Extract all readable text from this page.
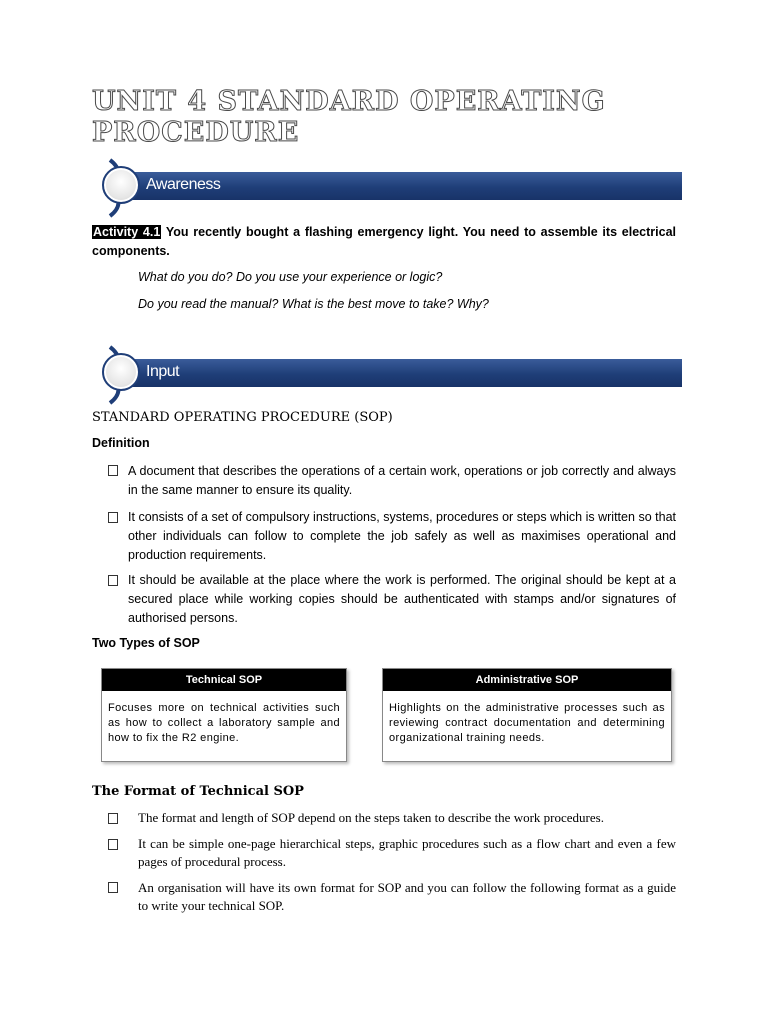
UNIT 4 STANDARD OPERATING PROCEDURE
Awareness
Activity 4.1 You recently bought a flashing emergency light. You need to assemble its electrical components.
What do you do? Do you use your experience or logic?
Do you read the manual? What is the best move to take? Why?
Input
STANDARD OPERATING PROCEDURE (SOP)
Definition
A document that describes the operations of a certain work, operations or job correctly and always in the same manner to ensure its quality.
It consists of a set of compulsory instructions, systems, procedures or steps which is written so that other individuals can follow to complete the job safely as well as maximises operational and production requirements.
It should be available at the place where the work is performed. The original should be kept at a secured place while working copies should be authenticated with stamps and/or signatures of authorised persons.
Two Types of SOP
Technical SOP
Focuses more on technical activities such as how to collect a laboratory sample and how to fix the R2 engine.
Administrative SOP
Highlights on the administrative processes such as reviewing contract documentation and determining organizational training needs.
The Format of Technical SOP
The format and length of SOP depend on the steps taken to describe the work procedures.
It can be simple one-page hierarchical steps, graphic procedures such as a flow chart and even a few pages of procedural process.
An organisation will have its own format for SOP and you can follow the following format as a guide to write your technical SOP.
